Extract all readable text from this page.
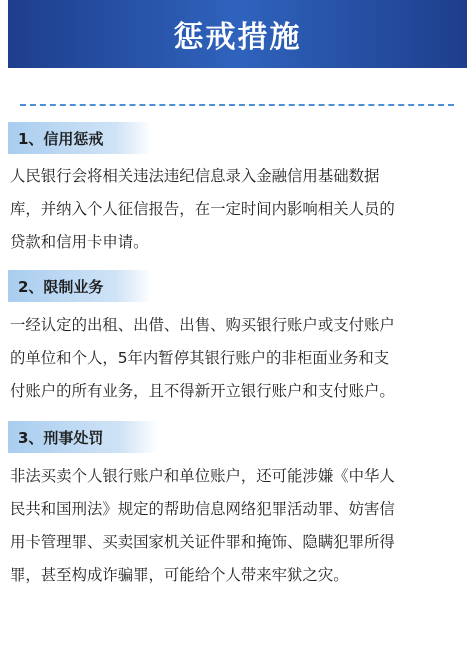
惩戒措施
1、信用惩戒
人民银行会将相关违法违纪信息录入金融信用基础数据
库，并纳入个人征信报告，在一定时间内影响相关人员的
贷款和信用卡申请。
2、限制业务
一经认定的出租、出借、出售、购买银行账户或支付账户
的单位和个人，5年内暂停其银行账户的非柜面业务和支
付账户的所有业务，且不得新开立银行账户和支付账户。
3、刑事处罚
非法买卖个人银行账户和单位账户，还可能涉嫌《中华人
民共和国刑法》规定的帮助信息网络犯罪活动罪、妨害信
用卡管理罪、买卖国家机关证件罪和掩饰、隐瞒犯罪所得
罪，甚至构成诈骗罪，可能给个人带来牢狱之灾。
